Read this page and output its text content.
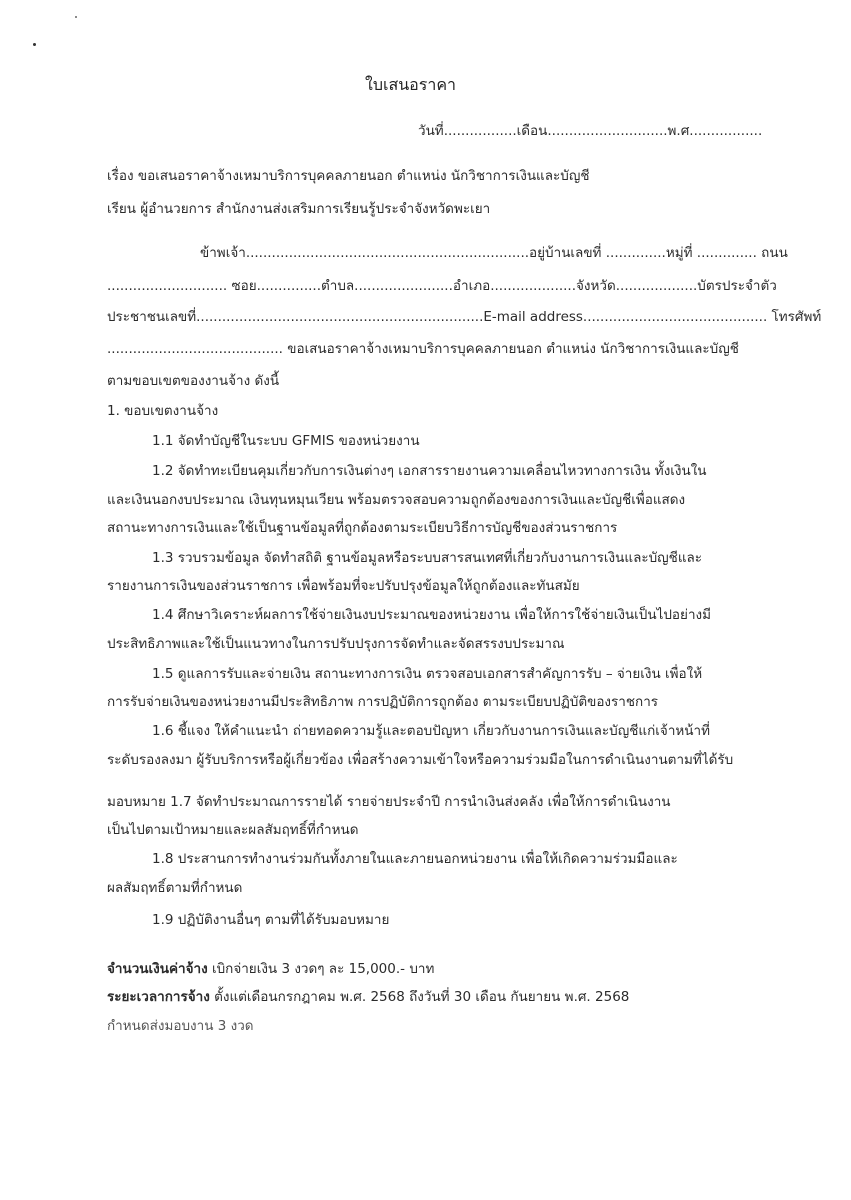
ใบเสนอราคา
วันที่.................เดือน............................พ.ศ.................
เรื่อง ขอเสนอราคาจ้างเหมาบริการบุคคลภายนอก ตำแหน่ง นักวิชาการเงินและบัญชี
เรียน ผู้อำนวยการ สำนักงานส่งเสริมการเรียนรู้ประจำจังหวัดพะเยา
ข้าพเจ้า..................................................................อยู่บ้านเลขที่ ..............หมู่ที่ .............. ถนน
............................ ซอย...............ตำบล.......................อำเภอ....................จังหวัด...................บัตรประจำตัว
ประชาชนเลขที่...................................................................E-mail address........................................... โทรศัพท์
......................................... ขอเสนอราคาจ้างเหมาบริการบุคคลภายนอก ตำแหน่ง นักวิชาการเงินและบัญชี
ตามขอบเขตของงานจ้าง ดังนี้
1. ขอบเขตงานจ้าง
1.1 จัดทำบัญชีในระบบ GFMIS ของหน่วยงาน
1.2 จัดทำทะเบียนคุมเกี่ยวกับการเงินต่างๆ เอกสารรายงานความเคลื่อนไหวทางการเงิน ทั้งเงินใน
และเงินนอกงบประมาณ เงินทุนหมุนเวียน พร้อมตรวจสอบความถูกต้องของการเงินและบัญชีเพื่อแสดง
สถานะทางการเงินและใช้เป็นฐานข้อมูลที่ถูกต้องตามระเบียบวิธีการบัญชีของส่วนราชการ
1.3 รวบรวมข้อมูล จัดทำสถิติ ฐานข้อมูลหรือระบบสารสนเทศที่เกี่ยวกับงานการเงินและบัญชีและ
รายงานการเงินของส่วนราชการ เพื่อพร้อมที่จะปรับปรุงข้อมูลให้ถูกต้องและทันสมัย
1.4 ศึกษาวิเคราะห์ผลการใช้จ่ายเงินงบประมาณของหน่วยงาน เพื่อให้การใช้จ่ายเงินเป็นไปอย่างมี
ประสิทธิภาพและใช้เป็นแนวทางในการปรับปรุงการจัดทำและจัดสรรงบประมาณ
1.5 ดูแลการรับและจ่ายเงิน สถานะทางการเงิน ตรวจสอบเอกสารสำคัญการรับ – จ่ายเงิน เพื่อให้
การรับจ่ายเงินของหน่วยงานมีประสิทธิภาพ การปฏิบัติการถูกต้อง ตามระเบียบปฏิบัติของราชการ
1.6 ชี้แจง ให้คำแนะนำ ถ่ายทอดความรู้และตอบปัญหา เกี่ยวกับงานการเงินและบัญชีแก่เจ้าหน้าที่
ระดับรองลงมา ผู้รับบริการหรือผู้เกี่ยวข้อง เพื่อสร้างความเข้าใจหรือความร่วมมือในการดำเนินงานตามที่ได้รับ
มอบหมาย 1.7 จัดทำประมาณการรายได้ รายจ่ายประจำปี การนำเงินส่งคลัง เพื่อให้การดำเนินงาน
เป็นไปตามเป้าหมายและผลสัมฤทธิ์ที่กำหนด
1.8 ประสานการทำงานร่วมกันทั้งภายในและภายนอกหน่วยงาน เพื่อให้เกิดความร่วมมือและ
ผลสัมฤทธิ์ตามที่กำหนด
1.9 ปฏิบัติงานอื่นๆ ตามที่ได้รับมอบหมาย
จำนวนเงินค่าจ้าง เบิกจ่ายเงิน 3 งวดๆ ละ 15,000.- บาท
ระยะเวลาการจ้าง ตั้งแต่เดือนกรกฎาคม พ.ศ. 2568 ถึงวันที่ 30 เดือน กันยายน พ.ศ. 2568
กำหนดส่งมอบงาน 3 งวด
